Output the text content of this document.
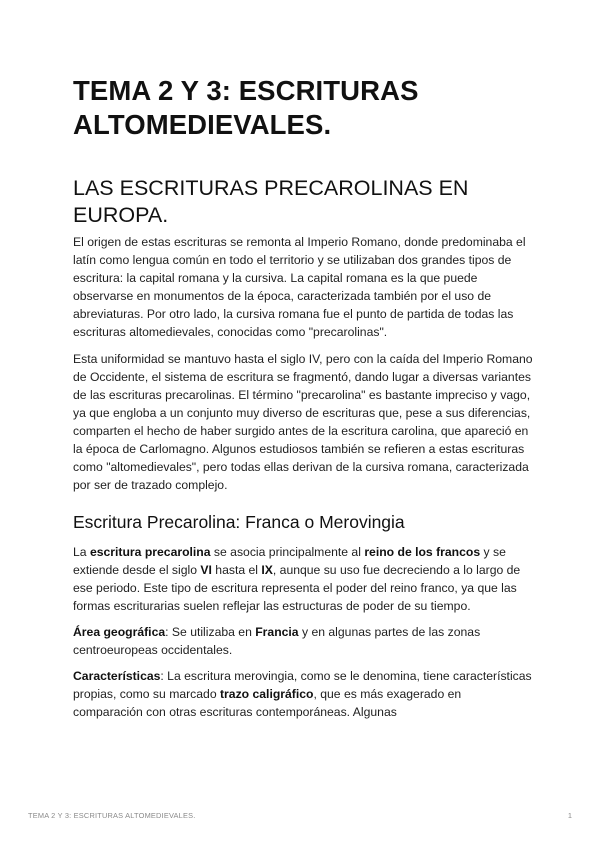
TEMA 2 Y 3: ESCRITURAS ALTOMEDIEVALES.
LAS ESCRITURAS PRECAROLINAS EN EUROPA.

El origen de estas escrituras se remonta al Imperio Romano, donde predominaba el latín como lengua común en todo el territorio y se utilizaban dos grandes tipos de escritura: la capital romana y la cursiva. La capital romana es la que puede observarse en monumentos de la época, caracterizada también por el uso de abreviaturas. Por otro lado, la cursiva romana fue el punto de partida de todas las escrituras altomedievales, conocidas como "precarolinas".

Esta uniformidad se mantuvo hasta el siglo IV, pero con la caída del Imperio Romano de Occidente, el sistema de escritura se fragmentó, dando lugar a diversas variantes de las escrituras precarolinas. El término "precarolina" es bastante impreciso y vago, ya que engloba a un conjunto muy diverso de escrituras que, pese a sus diferencias, comparten el hecho de haber surgido antes de la escritura carolina, que apareció en la época de Carlomagno. Algunos estudiosos también se refieren a estas escrituras como "altomedievales", pero todas ellas derivan de la cursiva romana, caracterizada por ser de trazado complejo.

Escritura Precarolina: Franca o Merovingia

La escritura precarolina se asocia principalmente al reino de los francos y se extiende desde el siglo VI hasta el IX, aunque su uso fue decreciendo a lo largo de ese periodo. Este tipo de escritura representa el poder del reino franco, ya que las formas escriturarias suelen reflejar las estructuras de poder de su tiempo.

Área geográfica: Se utilizaba en Francia y en algunas partes de las zonas centroeuropeas occidentales.

Características: La escritura merovingia, como se le denomina, tiene características propias, como su marcado trazo caligráfico, que es más exagerado en comparación con otras escrituras contemporáneas. Algunas

TEMA 2 Y 3: ESCRITURAS ALTOMEDIEVALES.	1
